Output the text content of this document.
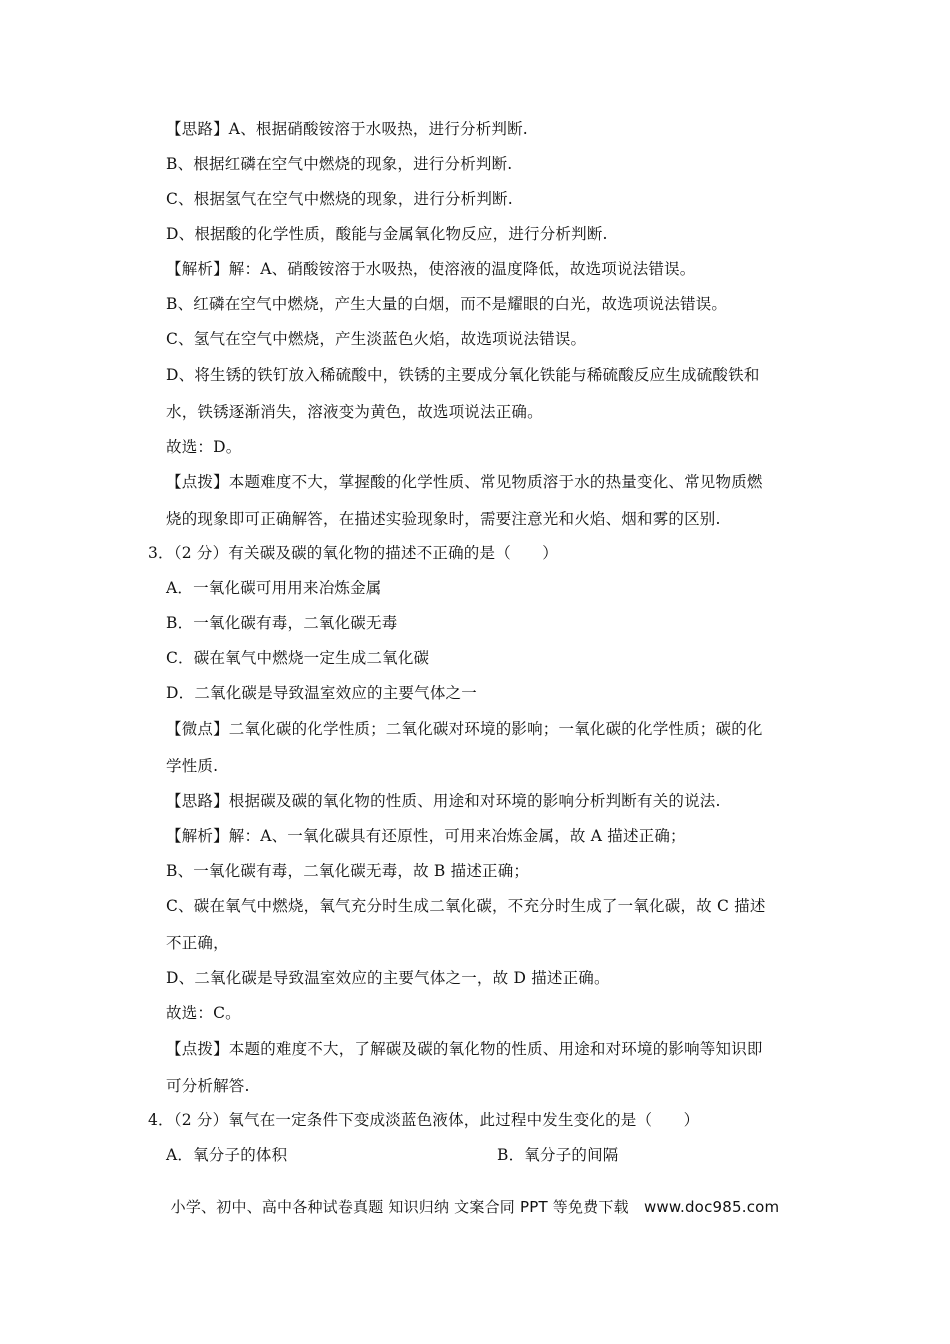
【思路】A、根据硝酸铵溶于水吸热，进行分析判断.
B、根据红磷在空气中燃烧的现象，进行分析判断.
C、根据氢气在空气中燃烧的现象，进行分析判断.
D、根据酸的化学性质，酸能与金属氧化物反应，进行分析判断.
【解析】解：A、硝酸铵溶于水吸热，使溶液的温度降低，故选项说法错误。
B、红磷在空气中燃烧，产生大量的白烟，而不是耀眼的白光，故选项说法错误。
C、氢气在空气中燃烧，产生淡蓝色火焰，故选项说法错误。
D、将生锈的铁钉放入稀硫酸中，铁锈的主要成分氧化铁能与稀硫酸反应生成硫酸铁和
水，铁锈逐渐消失，溶液变为黄色，故选项说法正确。
故选：D。
【点拨】本题难度不大，掌握酸的化学性质、常见物质溶于水的热量变化、常见物质燃
烧的现象即可正确解答，在描述实验现象时，需要注意光和火焰、烟和雾的区别.
3．（2 分）有关碳及碳的氧化物的描述不正确的是（　　）
A．一氧化碳可用用来冶炼金属
B．一氧化碳有毒，二氧化碳无毒
C．碳在氧气中燃烧一定生成二氧化碳
D．二氧化碳是导致温室效应的主要气体之一
【微点】二氧化碳的化学性质；二氧化碳对环境的影响；一氧化碳的化学性质；碳的化
学性质.
【思路】根据碳及碳的氧化物的性质、用途和对环境的影响分析判断有关的说法.
【解析】解：A、一氧化碳具有还原性，可用来冶炼金属，故 A 描述正确；
B、一氧化碳有毒，二氧化碳无毒，故 B 描述正确；
C、碳在氧气中燃烧，氧气充分时生成二氧化碳，不充分时生成了一氧化碳，故 C 描述
不正确，
D、二氧化碳是导致温室效应的主要气体之一，故 D 描述正确。
故选：C。
【点拨】本题的难度不大，了解碳及碳的氧化物的性质、用途和对环境的影响等知识即
可分析解答.
4．（2 分）氧气在一定条件下变成淡蓝色液体，此过程中发生变化的是（　　）
A．氧分子的体积	B．氧分子的间隔
小学、初中、高中各种试卷真题 知识归纳 文案合同 PPT 等免费下载　www.doc985.com
